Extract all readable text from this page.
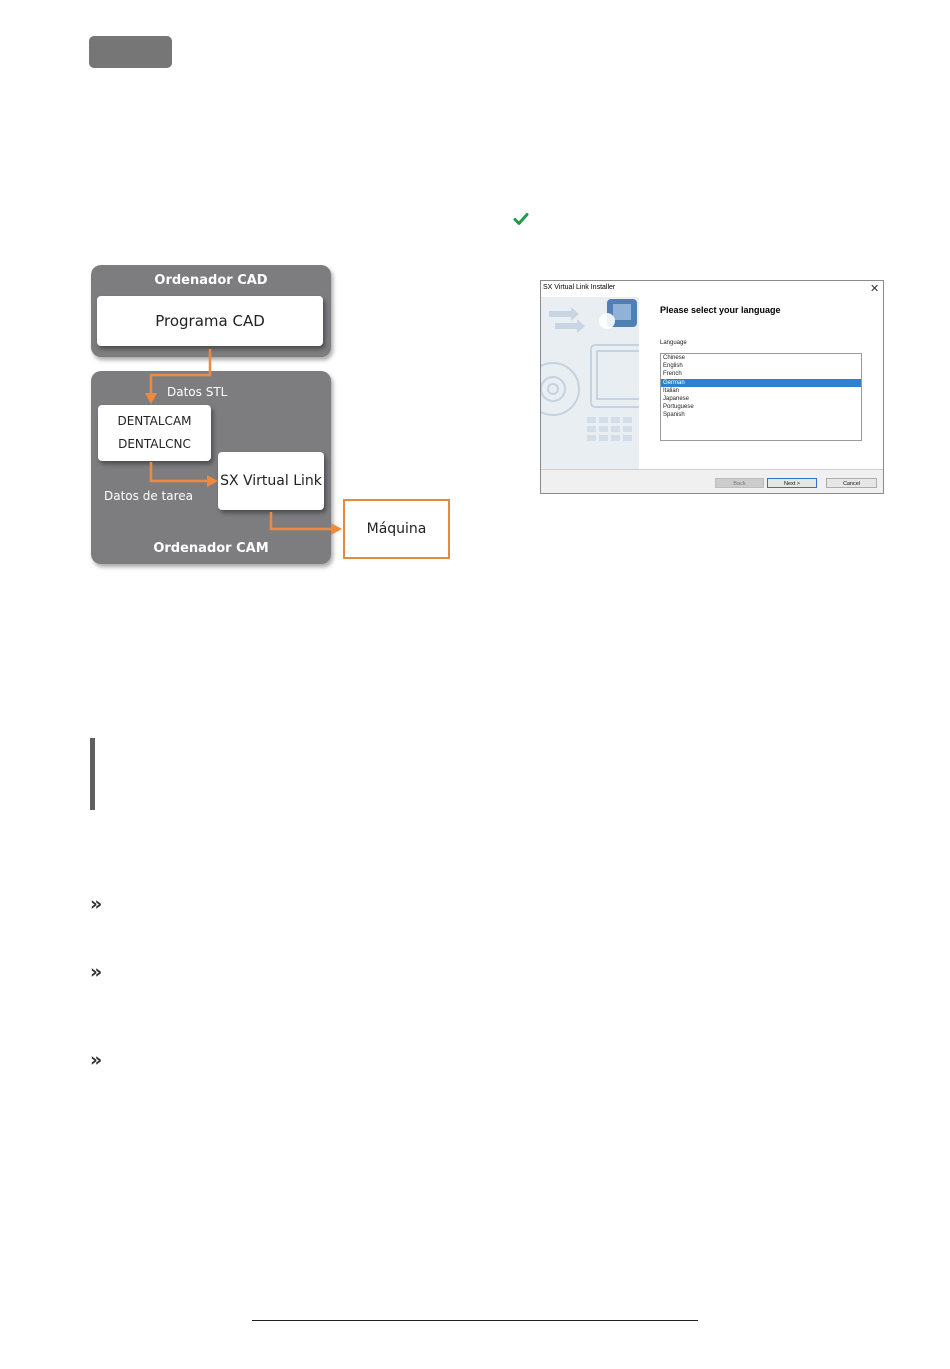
Ordenador CAD
Programa CAD
Datos STL
DENTALCAM
DENTALCNC
Datos de tarea
SX Virtual Link
Ordenador CAM
Máquina
SX Virtual Link Installer	✕
Please select your language
Language
Chinese
English
French
German
Italian
Japanese
Portuguese
Spanish
Back	Next >	Cancel
»
»
»
